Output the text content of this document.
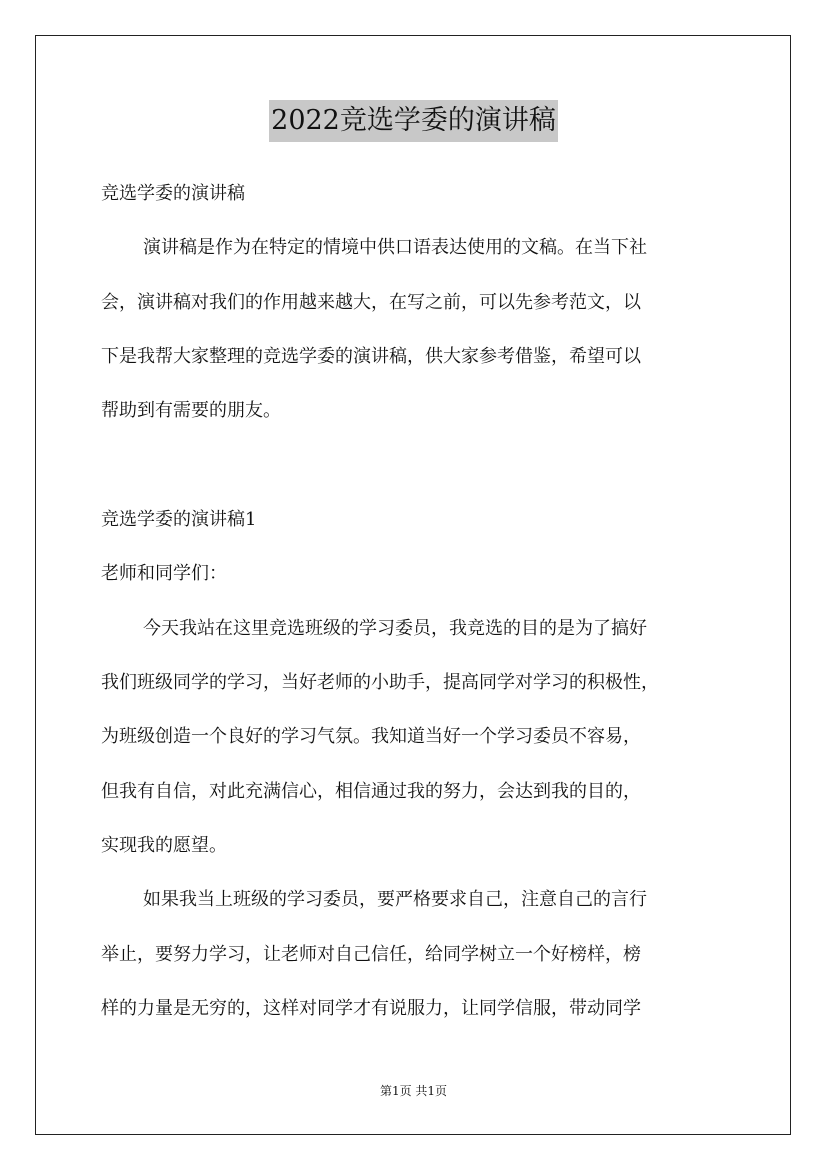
2022竞选学委的演讲稿
竞选学委的演讲稿
演讲稿是作为在特定的情境中供口语表达使用的文稿。在当下社
会，演讲稿对我们的作用越来越大，在写之前，可以先参考范文，以
下是我帮大家整理的竞选学委的演讲稿，供大家参考借鉴，希望可以
帮助到有需要的朋友。
竞选学委的演讲稿1
老师和同学们：
今天我站在这里竞选班级的学习委员，我竞选的目的是为了搞好
我们班级同学的学习，当好老师的小助手，提高同学对学习的积极性，
为班级创造一个良好的学习气氛。我知道当好一个学习委员不容易，
但我有自信，对此充满信心，相信通过我的努力，会达到我的目的，
实现我的愿望。
如果我当上班级的学习委员，要严格要求自己，注意自己的言行
举止，要努力学习，让老师对自己信任，给同学树立一个好榜样，榜
样的力量是无穷的，这样对同学才有说服力，让同学信服，带动同学
第1页 共1页
